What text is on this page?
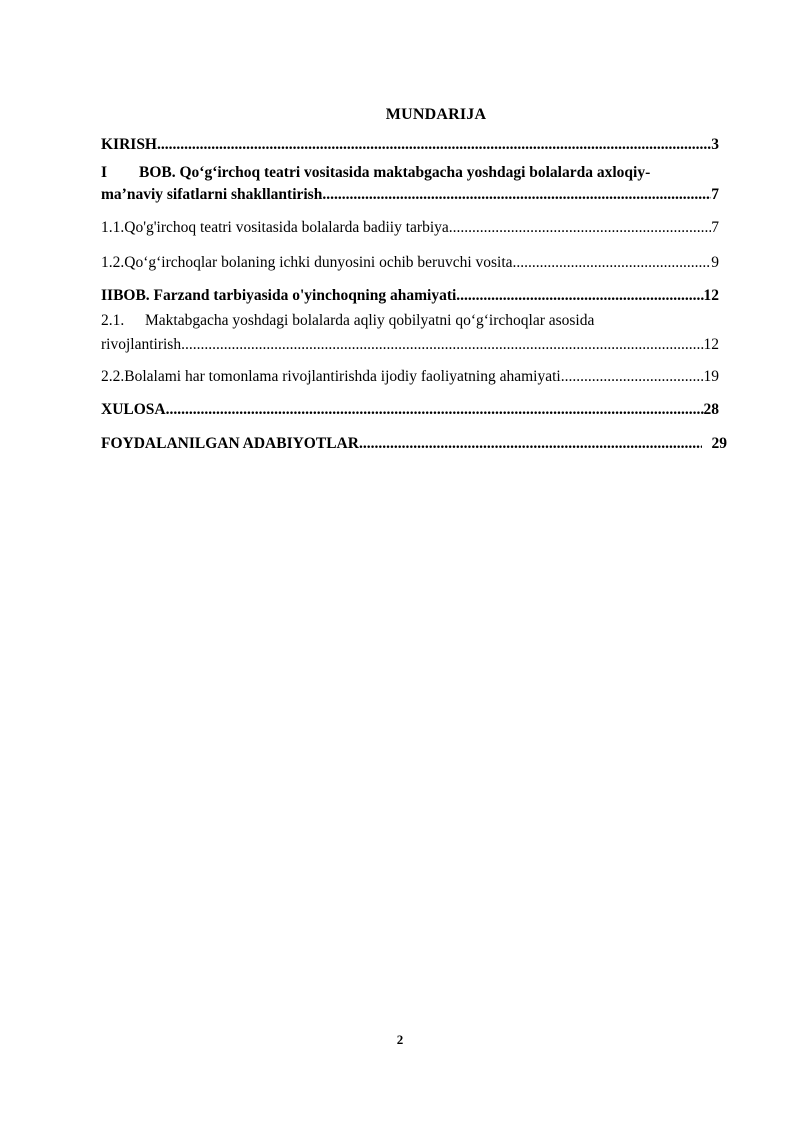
MUNDARIJA
KIRISH .....	3
I	BOB. Qo‘g‘irchoq teatri vositasida maktabgacha yoshdagi bolalarda axloqiy-
ma’naviy sifatlarni shakllantirish .....	7
1.1. Qo'g'irchoq teatri vositasida bolalarda badiiy tarbiya .....	7
1.2. Qo‘g‘irchoqlar bolaning ichki dunyosini ochib beruvchi vosita .....	9
II BOB. Farzand tarbiyasida o'yinchoqning ahamiyati .....	12
2.1.	Maktabgacha yoshdagi bolalarda aqliy qobilyatni qo‘g‘irchoqlar asosida
rivojlantirish .....	12
2.2. Bolalami har tomonlama rivojlantirishda ijodiy faoliyatning ahamiyati .....	19
XULOSA .....	28
FOYDALANILGAN ADABIYOTLAR .....	29
2
